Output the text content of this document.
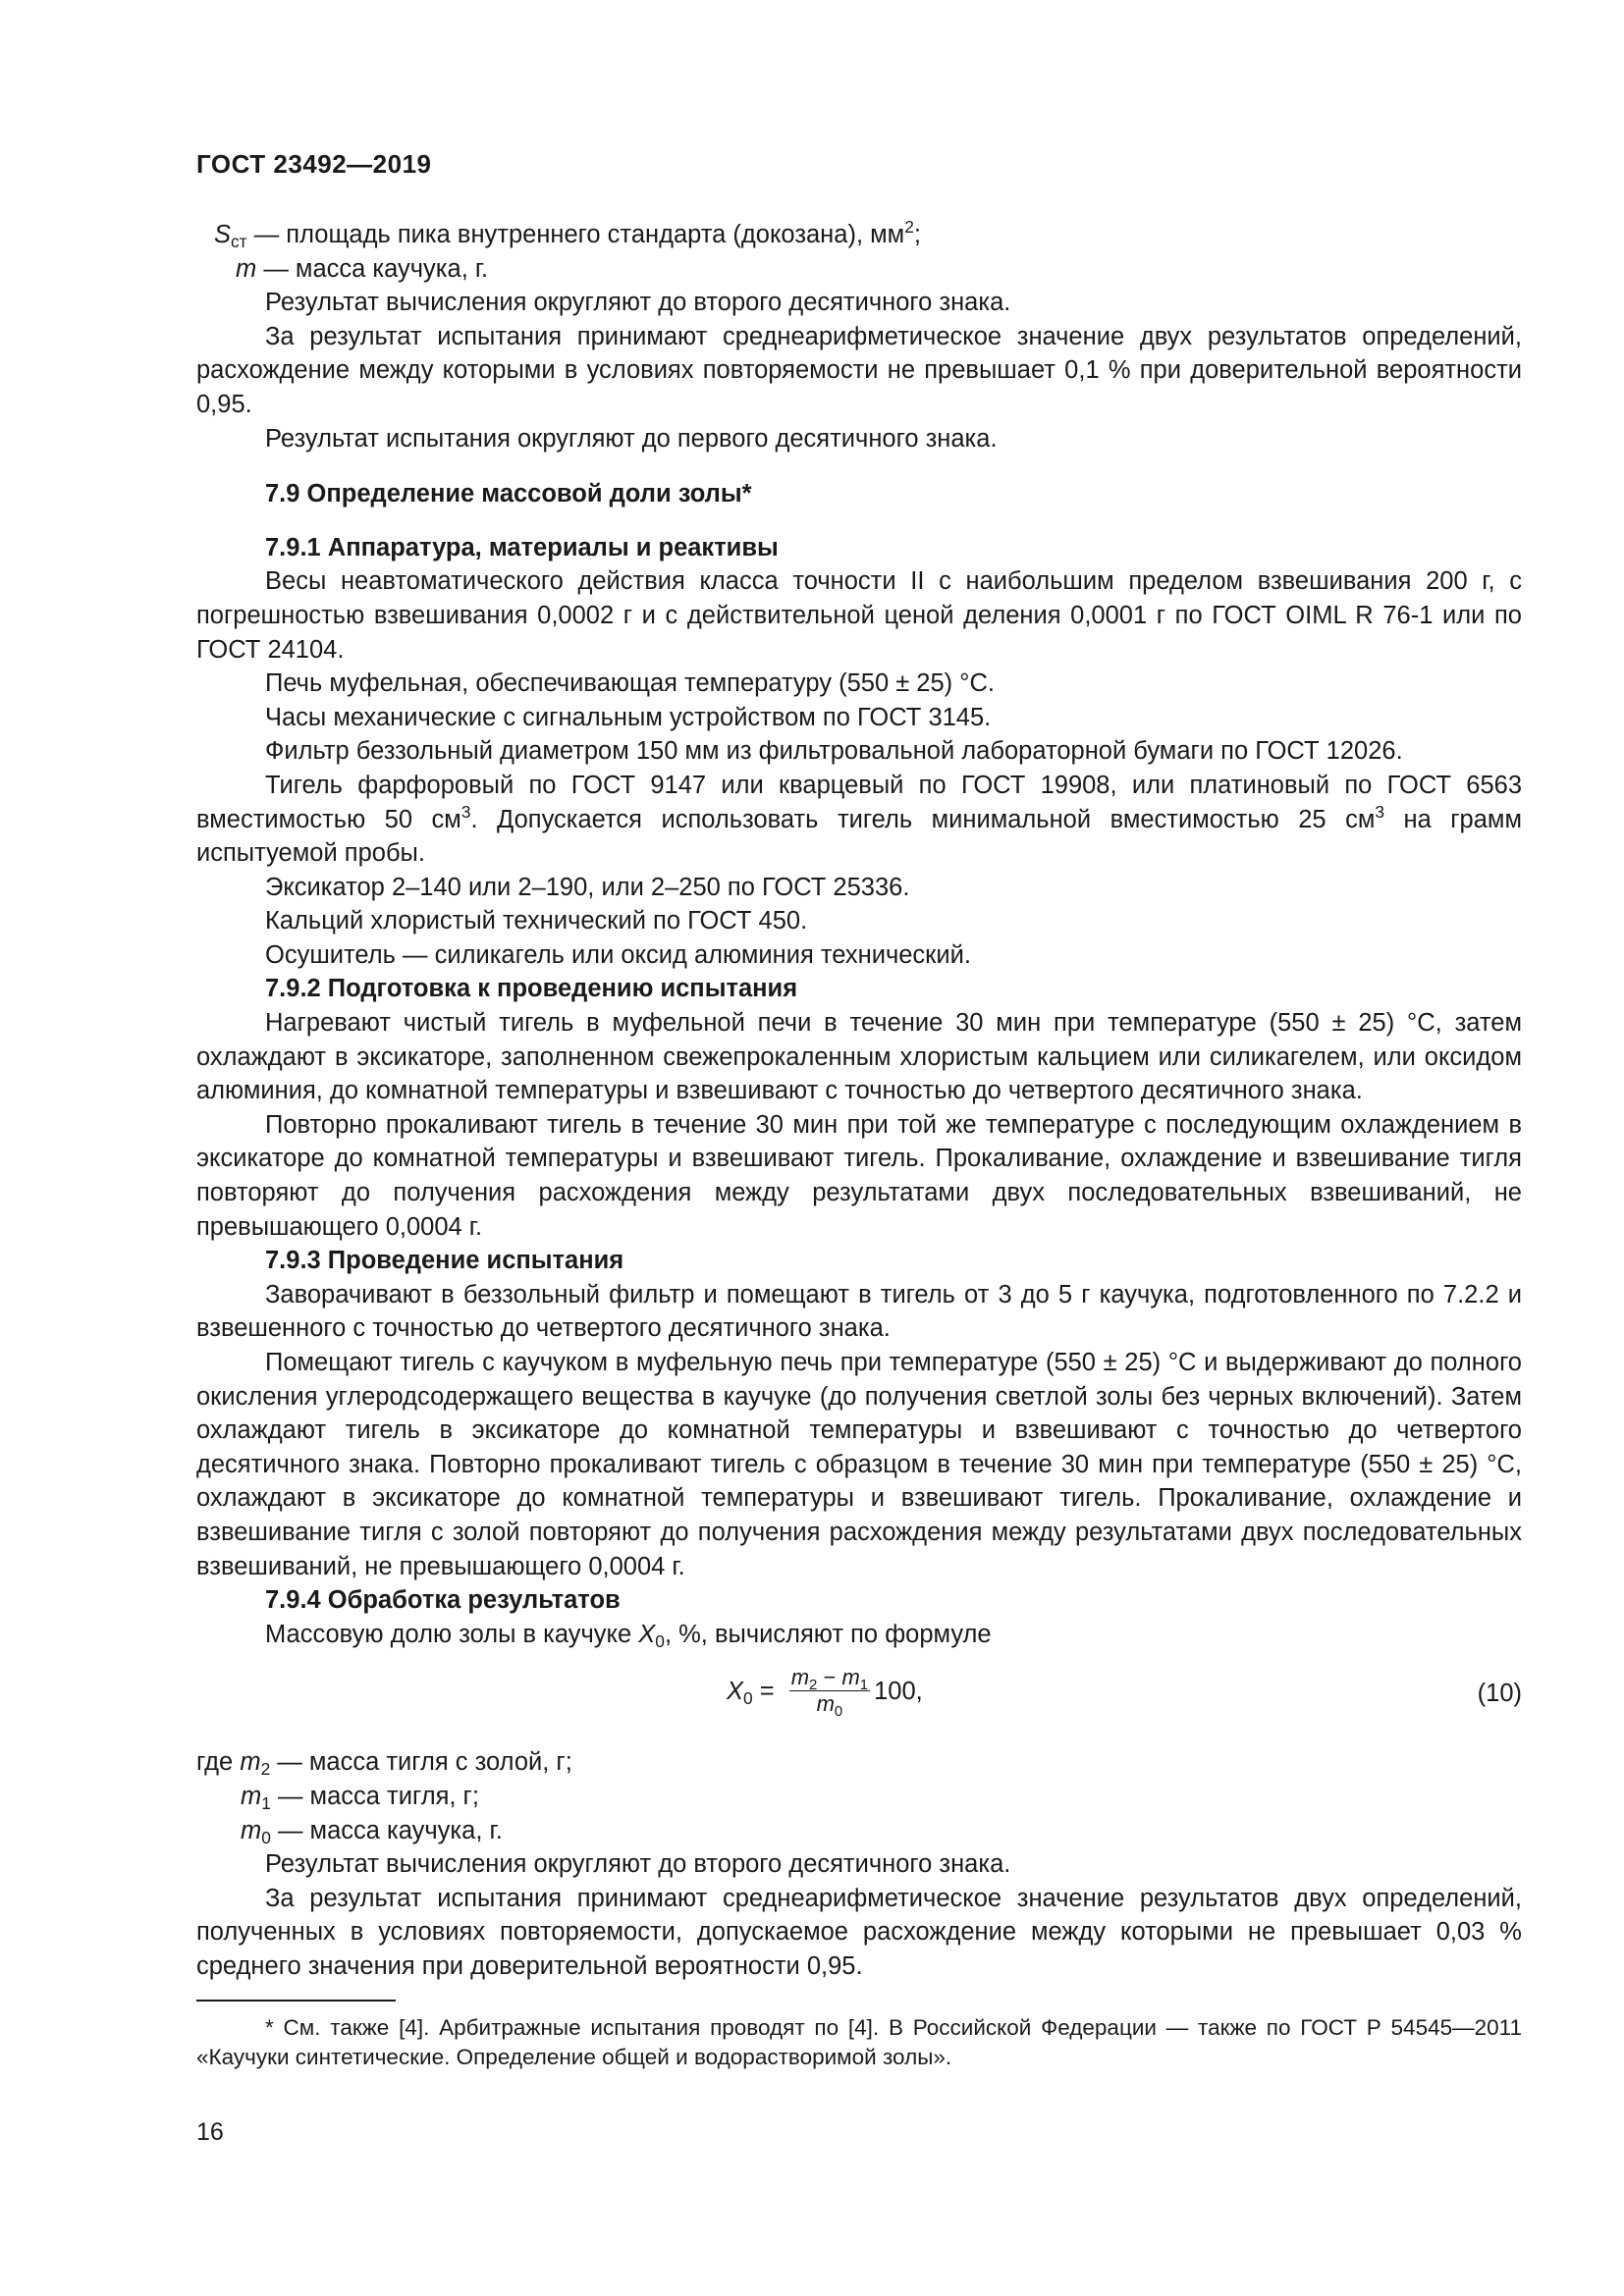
ГОСТ 23492—2019

$S_{ст}$ — площадь пика внутреннего стандарта (докозана), $мм^2$;

m — масса каучука, г.

Результат вычисления округляют до второго десятичного знака.

За результат испытания принимают среднеарифметическое значение двух результатов определений, расхождение между которыми в условиях повторяемости не превышает 0,1 % при доверительной вероятности 0,95.

Результат испытания округляют до первого десятичного знака.

7.9 Определение массовой доли золы*

7.9.1 Аппаратура, материалы и реактивы

Весы неавтоматического действия класса точности II с наибольшим пределом взвешивания 200 г, с погрешностью взвешивания 0,0002 г и с действительной ценой деления 0,0001 г по ГОСТ OIML R 76-1 или по ГОСТ 24104.

Печь муфельная, обеспечивающая температуру (550 ± 25) °С.

Часы механические с сигнальным устройством по ГОСТ 3145.

Фильтр беззольный диаметром 150 мм из фильтровальной лабораторной бумаги по ГОСТ 12026.

Тигель фарфоровый по ГОСТ 9147 или кварцевый по ГОСТ 19908, или платиновый по ГОСТ 6563 вместимостью 50 $см^3$. Допускается использовать тигель минимальной вместимостью 25 $см^3$ на грамм испытуемой пробы.

Эксикатор 2–140 или 2–190, или 2–250 по ГОСТ 25336.

Кальций хлористый технический по ГОСТ 450.

Осушитель — силикагель или оксид алюминия технический.

7.9.2 Подготовка к проведению испытания

Нагревают чистый тигель в муфельной печи в течение 30 мин при температуре (550 ± 25) °С, затем охлаждают в эксикаторе, заполненном свежепрокаленным хлористым кальцием или силикагелем, или оксидом алюминия, до комнатной температуры и взвешивают с точностью до четвертого десятичного знака.

Повторно прокаливают тигель в течение 30 мин при той же температуре с последующим охлаждением в эксикаторе до комнатной температуры и взвешивают тигель. Прокаливание, охлаждение и взвешивание тигля повторяют до получения расхождения между результатами двух последовательных взвешиваний, не превышающего 0,0004 г.

7.9.3 Проведение испытания

Заворачивают в беззольный фильтр и помещают в тигель от 3 до 5 г каучука, подготовленного по 7.2.2 и взвешенного с точностью до четвертого десятичного знака.

Помещают тигель с каучуком в муфельную печь при температуре (550 ± 25) °С и выдерживают до полного окисления углеродсодержащего вещества в каучуке (до получения светлой золы без черных включений). Затем охлаждают тигель в эксикаторе до комнатной температуры и взвешивают с точностью до четвертого десятичного знака. Повторно прокаливают тигель с образцом в течение 30 мин при температуре (550 ± 25) °С, охлаждают в эксикаторе до комнатной температуры и взвешивают тигель. Прокаливание, охлаждение и взвешивание тигля с золой повторяют до получения расхождения между результатами двух последовательных взвешиваний, не превышающего 0,0004 г.

7.9.4 Обработка результатов

Массовую долю золы в каучуке $X_0$, %, вычисляют по формуле

$X_0 = \frac{m_2 - m_1}{m_0} 100$,	(10)

где $m_2$ — масса тигля с золой, г;

$m_1$ — масса тигля, г;

$m_0$ — масса каучука, г.

Результат вычисления округляют до второго десятичного знака.

За результат испытания принимают среднеарифметическое значение результатов двух определений, полученных в условиях повторяемости, допускаемое расхождение между которыми не превышает 0,03 % среднего значения при доверительной вероятности 0,95.

* См. также [4]. Арбитражные испытания проводят по [4]. В Российской Федерации — также по ГОСТ Р 54545—2011 «Каучуки синтетические. Определение общей и водорастворимой золы».

16
